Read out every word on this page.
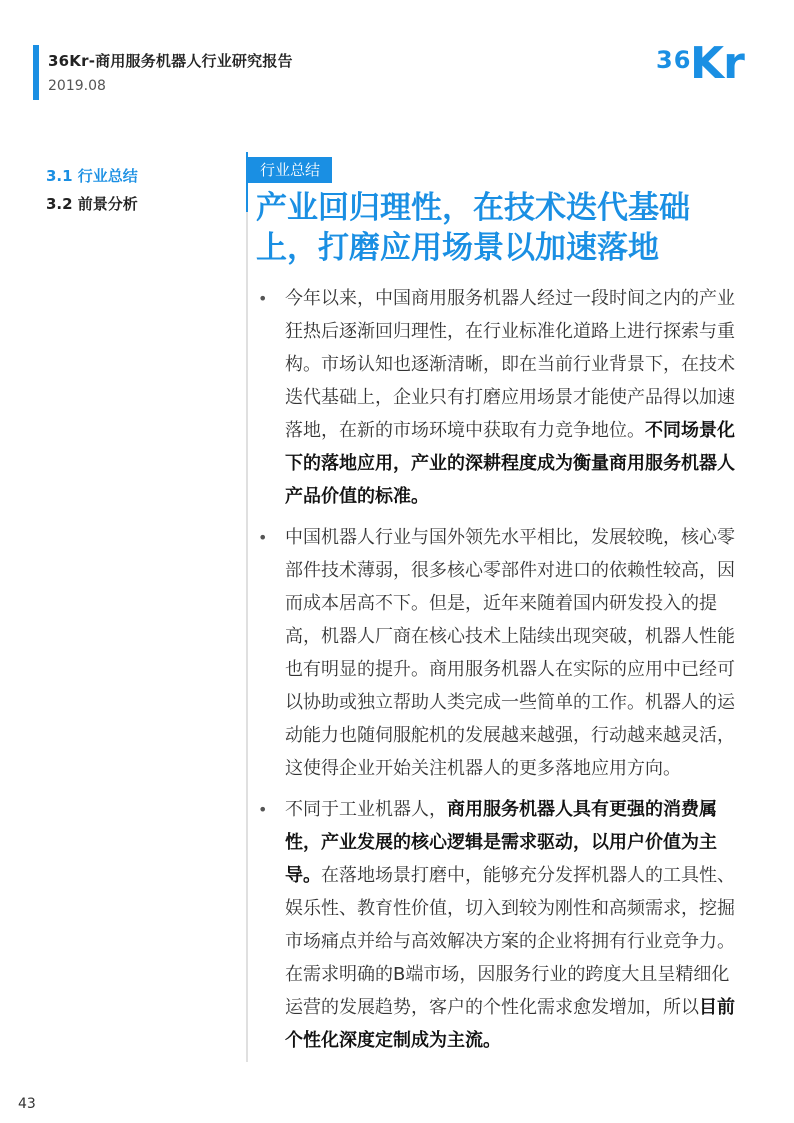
36Kr-商用服务机器人行业研究报告
2019.08
36
Kr
3.1 行业总结
3.2 前景分析
行业总结
产业回归理性，在技术迭代基础
上，打磨应用场景以加速落地
• 今年以来，中国商用服务机器人经过一段时间之内的产业狂热后逐渐回归理性，在行业标准化道路上进行探索与重构。市场认知也逐渐清晰，即在当前行业背景下，在技术迭代基础上，企业只有打磨应用场景才能使产品得以加速落地，在新的市场环境中获取有力竞争地位。不同场景化下的落地应用，产业的深耕程度成为衡量商用服务机器人产品价值的标准。
• 中国机器人行业与国外领先水平相比，发展较晚，核心零部件技术薄弱，很多核心零部件对进口的依赖性较高，因而成本居高不下。但是，近年来随着国内研发投入的提高，机器人厂商在核心技术上陆续出现突破，机器人性能也有明显的提升。商用服务机器人在实际的应用中已经可以协助或独立帮助人类完成一些简单的工作。机器人的运动能力也随伺服舵机的发展越来越强，行动越来越灵活，这使得企业开始关注机器人的更多落地应用方向。
• 不同于工业机器人，商用服务机器人具有更强的消费属性，产业发展的核心逻辑是需求驱动，以用户价值为主导。在落地场景打磨中，能够充分发挥机器人的工具性、娱乐性、教育性价值，切入到较为刚性和高频需求，挖掘市场痛点并给与高效解决方案的企业将拥有行业竞争力。在需求明确的B端市场，因服务行业的跨度大且呈精细化运营的发展趋势，客户的个性化需求愈发增加，所以目前个性化深度定制成为主流。
43
